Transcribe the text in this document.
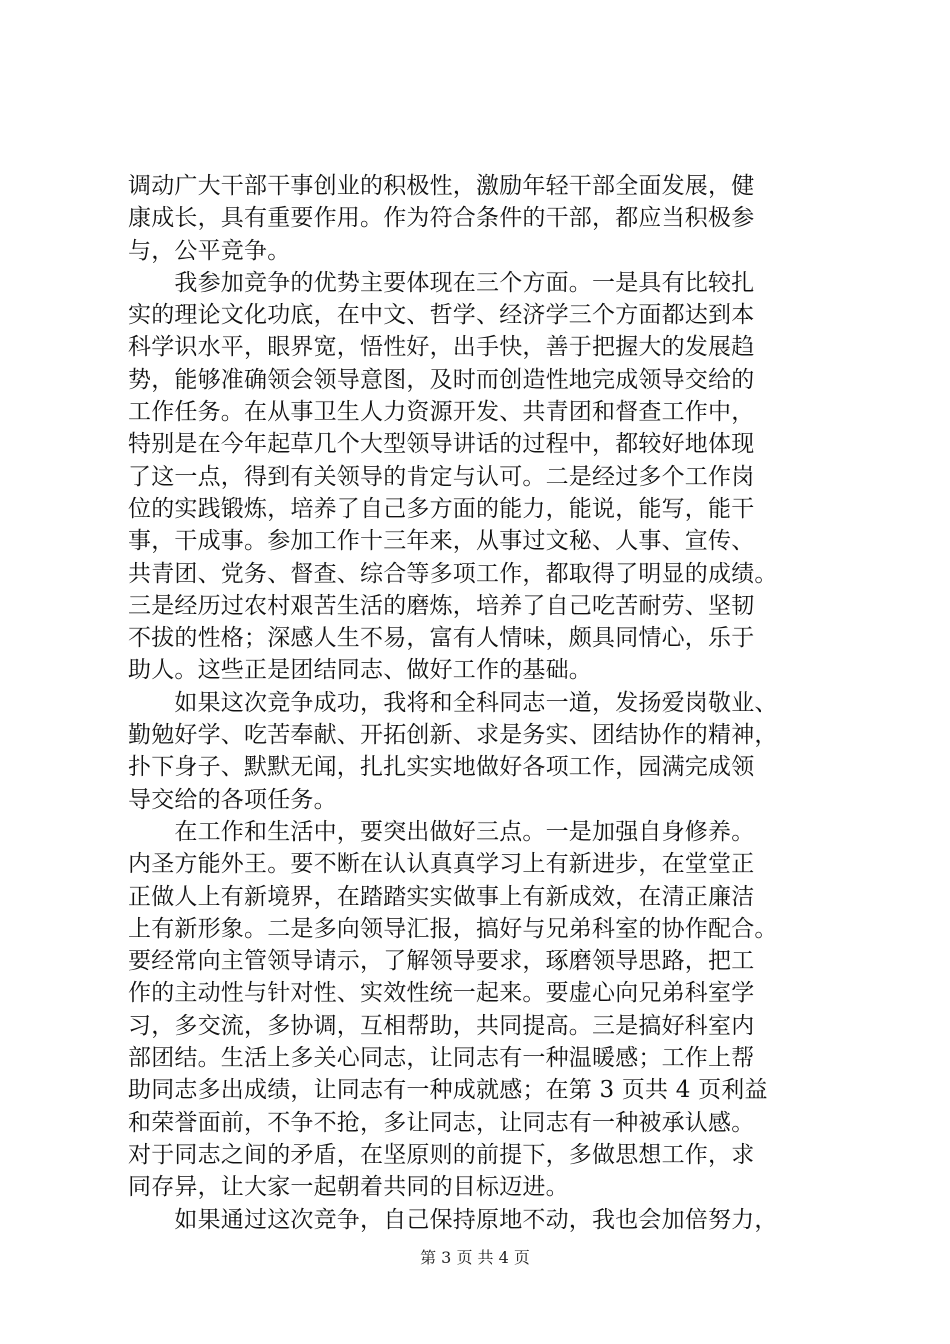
调动广大干部干事创业的积极性，激励年轻干部全面发展，健
康成长，具有重要作用。作为符合条件的干部，都应当积极参
与，公平竞争。
　　我参加竞争的优势主要体现在三个方面。一是具有比较扎
实的理论文化功底，在中文、哲学、经济学三个方面都达到本
科学识水平，眼界宽，悟性好，出手快，善于把握大的发展趋
势，能够准确领会领导意图，及时而创造性地完成领导交给的
工作任务。在从事卫生人力资源开发、共青团和督查工作中，
特别是在今年起草几个大型领导讲话的过程中，都较好地体现
了这一点，得到有关领导的肯定与认可。二是经过多个工作岗
位的实践锻炼，培养了自己多方面的能力，能说，能写，能干
事，干成事。参加工作十三年来，从事过文秘、人事、宣传、
共青团、党务、督查、综合等多项工作，都取得了明显的成绩。
三是经历过农村艰苦生活的磨炼，培养了自己吃苦耐劳、坚韧
不拔的性格；深感人生不易，富有人情味，颇具同情心，乐于
助人。这些正是团结同志、做好工作的基础。
　　如果这次竞争成功，我将和全科同志一道，发扬爱岗敬业、
勤勉好学、吃苦奉献、开拓创新、求是务实、团结协作的精神，
扑下身子、默默无闻，扎扎实实地做好各项工作，园满完成领
导交给的各项任务。
　　在工作和生活中，要突出做好三点。一是加强自身修养。
内圣方能外王。要不断在认认真真学习上有新进步，在堂堂正
正做人上有新境界，在踏踏实实做事上有新成效，在清正廉洁
上有新形象。二是多向领导汇报，搞好与兄弟科室的协作配合。
要经常向主管领导请示，了解领导要求，琢磨领导思路，把工
作的主动性与针对性、实效性统一起来。要虚心向兄弟科室学
习，多交流，多协调，互相帮助，共同提高。三是搞好科室内
部团结。生活上多关心同志，让同志有一种温暖感；工作上帮
助同志多出成绩，让同志有一种成就感；在第 3 页共 4 页利益
和荣誉面前，不争不抢，多让同志，让同志有一种被承认感。
对于同志之间的矛盾，在坚原则的前提下，多做思想工作，求
同存异，让大家一起朝着共同的目标迈进。
　　如果通过这次竞争，自己保持原地不动，我也会加倍努力，
第 3 页 共 4 页
